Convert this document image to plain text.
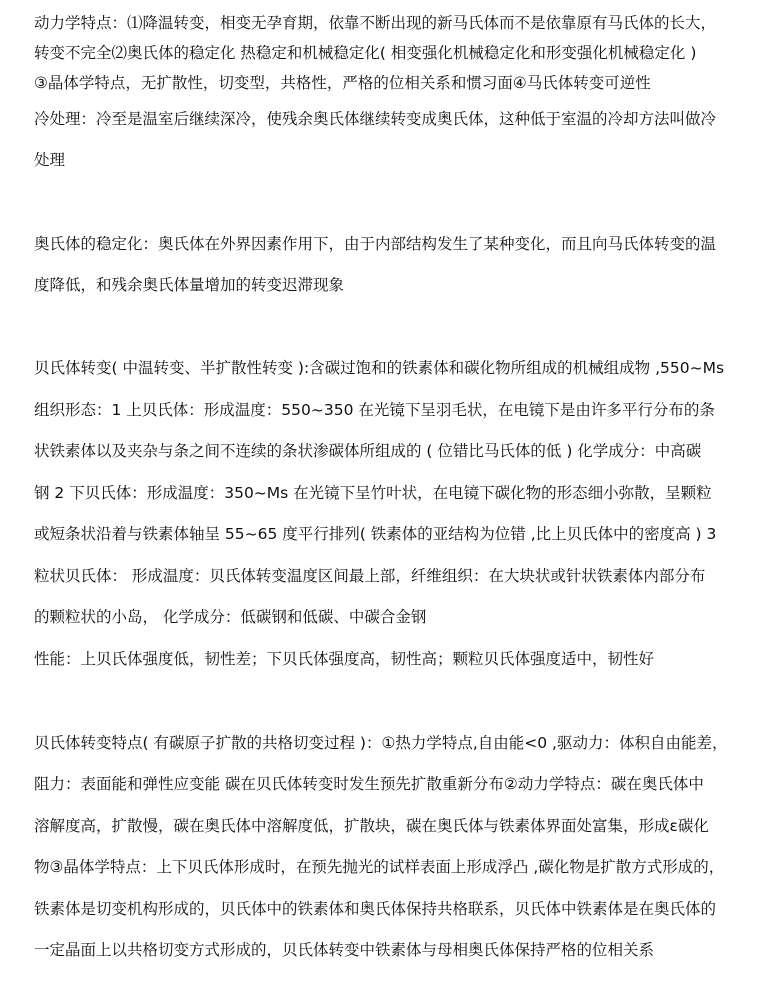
动力学特点：⑴降温转变，相变无孕育期，依靠不断出现的新马氏体而不是依靠原有马氏体的长大，

转变不完全⑵奥氏体的稳定化 热稳定和机械稳定化( 相变强化机械稳定化和形变强化机械稳定化 )

③晶体学特点，无扩散性，切变型，共格性，严格的位相关系和惯习面④马氏体转变可逆性

冷处理：冷至是温室后继续深冷，使残余奥氏体继续转变成奥氏体，这种低于室温的冷却方法叫做冷

处理

奥氏体的稳定化：奥氏体在外界因素作用下，由于内部结构发生了某种变化，而且向马氏体转变的温

度降低，和残余奥氏体量增加的转变迟滞现象

贝氏体转变( 中温转变、半扩散性转变 ):含碳过饱和的铁素体和碳化物所组成的机械组成物 ,550~Ms

组织形态：1 上贝氏体：形成温度：550~350 在光镜下呈羽毛状，在电镜下是由许多平行分布的条

状铁素体以及夹杂与条之间不连续的条状渗碳体所组成的 ( 位错比马氏体的低 ) 化学成分：中高碳

钢 2 下贝氏体：形成温度：350~Ms 在光镜下呈竹叶状，在电镜下碳化物的形态细小弥散，呈颗粒

或短条状沿着与铁素体轴呈 55~65 度平行排列( 铁素体的亚结构为位错 ,比上贝氏体中的密度高 ) 3

粒状贝氏体： 形成温度：贝氏体转变温度区间最上部，纤维组织：在大块状或针状铁素体内部分布

的颗粒状的小岛， 化学成分：低碳钢和低碳、中碳合金钢

性能：上贝氏体强度低，韧性差；下贝氏体强度高，韧性高；颗粒贝氏体强度适中，韧性好

贝氏体转变特点( 有碳原子扩散的共格切变过程 )：①热力学特点,自由能<0 ,驱动力：体积自由能差，

阻力：表面能和弹性应变能 碳在贝氏体转变时发生预先扩散重新分布②动力学特点：碳在奥氏体中

溶解度高，扩散慢，碳在奥氏体中溶解度低，扩散块，碳在奥氏体与铁素体界面处富集，形成ε碳化

物③晶体学特点：上下贝氏体形成时，在预先抛光的试样表面上形成浮凸 ,碳化物是扩散方式形成的，

铁素体是切变机构形成的，贝氏体中的铁素体和奥氏体保持共格联系，贝氏体中铁素体是在奥氏体的

一定晶面上以共格切变方式形成的，贝氏体转变中铁素体与母相奥氏体保持严格的位相关系
